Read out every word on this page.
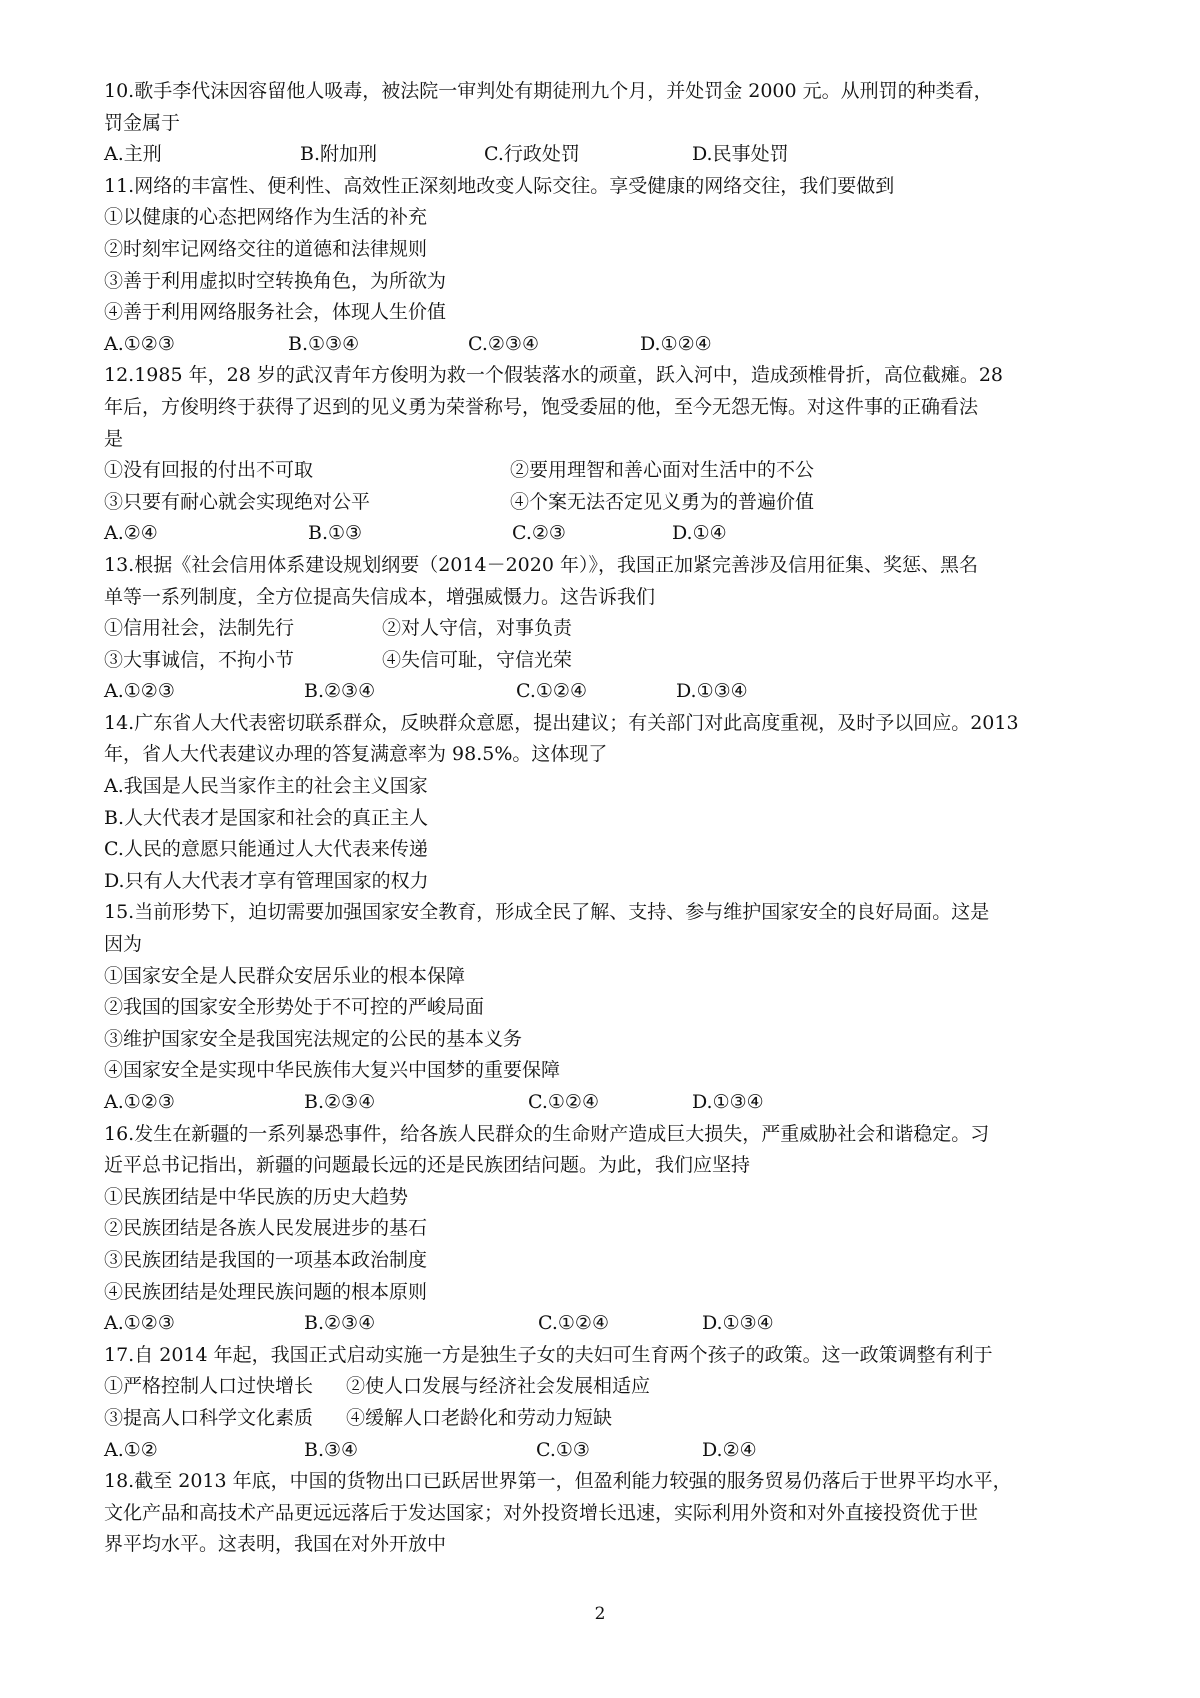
10.歌手李代沫因容留他人吸毒，被法院一审判处有期徒刑九个月，并处罚金 2000 元。从刑罚的种类看，
罚金属于
A.主刑	B.附加刑	C.行政处罚	D.民事处罚
11.网络的丰富性、便利性、高效性正深刻地改变人际交往。享受健康的网络交往，我们要做到
①以健康的心态把网络作为生活的补充
②时刻牢记网络交往的道德和法律规则
③善于利用虚拟时空转换角色，为所欲为
④善于利用网络服务社会，体现人生价值
A.①②③	B.①③④	C.②③④	D.①②④
12.1985 年，28 岁的武汉青年方俊明为救一个假装落水的顽童，跃入河中，造成颈椎骨折，高位截瘫。28
年后，方俊明终于获得了迟到的见义勇为荣誉称号，饱受委屈的他，至今无怨无悔。对这件事的正确看法
是
①没有回报的付出不可取	②要用理智和善心面对生活中的不公
③只要有耐心就会实现绝对公平	④个案无法否定见义勇为的普遍价值
A.②④	B.①③	C.②③	D.①④
13.根据《社会信用体系建设规划纲要（2014－2020 年）》，我国正加紧完善涉及信用征集、奖惩、黑名
单等一系列制度，全方位提高失信成本，增强威慑力。这告诉我们
①信用社会，法制先行	②对人守信，对事负责
③大事诚信，不拘小节	④失信可耻，守信光荣
A.①②③	B.②③④	C.①②④	D.①③④
14.广东省人大代表密切联系群众，反映群众意愿，提出建议；有关部门对此高度重视，及时予以回应。2013
年，省人大代表建议办理的答复满意率为 98.5%。这体现了
A.我国是人民当家作主的社会主义国家
B.人大代表才是国家和社会的真正主人
C.人民的意愿只能通过人大代表来传递
D.只有人大代表才享有管理国家的权力
15.当前形势下，迫切需要加强国家安全教育，形成全民了解、支持、参与维护国家安全的良好局面。这是
因为
①国家安全是人民群众安居乐业的根本保障
②我国的国家安全形势处于不可控的严峻局面
③维护国家安全是我国宪法规定的公民的基本义务
④国家安全是实现中华民族伟大复兴中国梦的重要保障
A.①②③	B.②③④	C.①②④	D.①③④
16.发生在新疆的一系列暴恐事件，给各族人民群众的生命财产造成巨大损失，严重威胁社会和谐稳定。习
近平总书记指出，新疆的问题最长远的还是民族团结问题。为此，我们应坚持
①民族团结是中华民族的历史大趋势
②民族团结是各族人民发展进步的基石
③民族团结是我国的一项基本政治制度
④民族团结是处理民族问题的根本原则
A.①②③	B.②③④	C.①②④	D.①③④
17.自 2014 年起，我国正式启动实施一方是独生子女的夫妇可生育两个孩子的政策。这一政策调整有利于
①严格控制人口过快增长	②使人口发展与经济社会发展相适应
③提高人口科学文化素质	④缓解人口老龄化和劳动力短缺
A.①②	B.③④	C.①③	D.②④
18.截至 2013 年底，中国的货物出口已跃居世界第一，但盈利能力较强的服务贸易仍落后于世界平均水平，
文化产品和高技术产品更远远落后于发达国家；对外投资增长迅速，实际利用外资和对外直接投资优于世
界平均水平。这表明，我国在对外开放中
2
